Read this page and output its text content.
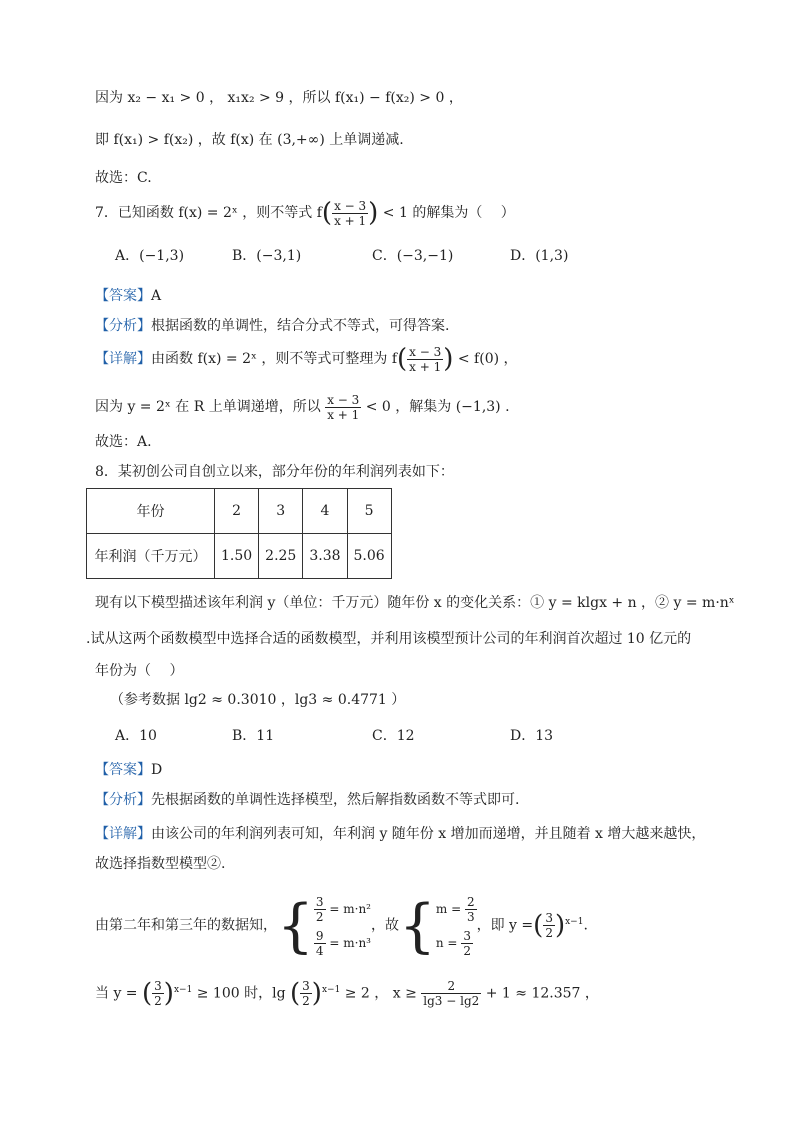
因为 x₂ − x₁ > 0 ， x₁x₂ > 9 ，所以 f(x₁) − f(x₂) > 0 ，
即 f(x₁) > f(x₂) ，故 f(x) 在 (3,+∞) 上单调递减.
故选：C.
7．已知函数 f(x) = 2ˣ ，则不等式 $f( \frac{x - 3}{x + 1}$ ) < 1 的解集为（　 ）
A．(−1,3)	B．(−3,1)	C．(−3,−1)	D．(1,3)
【答案】A
【分析】根据函数的单调性，结合分式不等式，可得答案.
【详解】由函数 f(x) = 2ˣ ，则不等式可整理为 $f( \frac{x - 3}{x + 1}$ ) < f(0) ，
因为 y = 2ˣ 在 R 上单调递增，所以 $\frac{x - 3}{x + 1} < 0$ ，解集为 (−1,3) .
故选：A.
8．某初创公司自创立以来，部分年份的年利润列表如下：
年份	2	3	4	5
年利润（千万元）	1.50	2.25	3.38	5.06
现有以下模型描述该年利润 y（单位：千万元）随年份 x 的变化关系：① y = klgx + n ，② y = m·nˣ
.试从这两个函数模型中选择合适的函数模型，并利用该模型预计公司的年利润首次超过 10 亿元的
年份为（　 ）
（参考数据 lg2 ≈ 0.3010 ，lg3 ≈ 0.4771 ）
A．10	B．11	C．12	D．13
【答案】D
【分析】先根据函数的单调性选择模型，然后解指数函数不等式即可.
【详解】由该公司的年利润列表可知，年利润 y 随年份 x 增加而递增，并且随着 x 增大越来越快，
故选择指数型模型②.
由第二年和第三年的数据知，{ $\frac{3}{2} = m\cdot n^2$
$\frac{9}{4} = m\cdot n^3$
，故{ $m = \frac{2}{3}$
$n = \frac{3}{2}$
，即 y =( $\frac{3}{2} )^{x-1}$.
当 y = ( $\frac{3}{2} )^{x-1} \ge 100$ 时，lg ( $\frac{3}{2} )^{x-1} \ge 2$ ， $x \ge \frac{2}{\lg 3 - \lg 2} + 1 \approx 12.357$ ，
